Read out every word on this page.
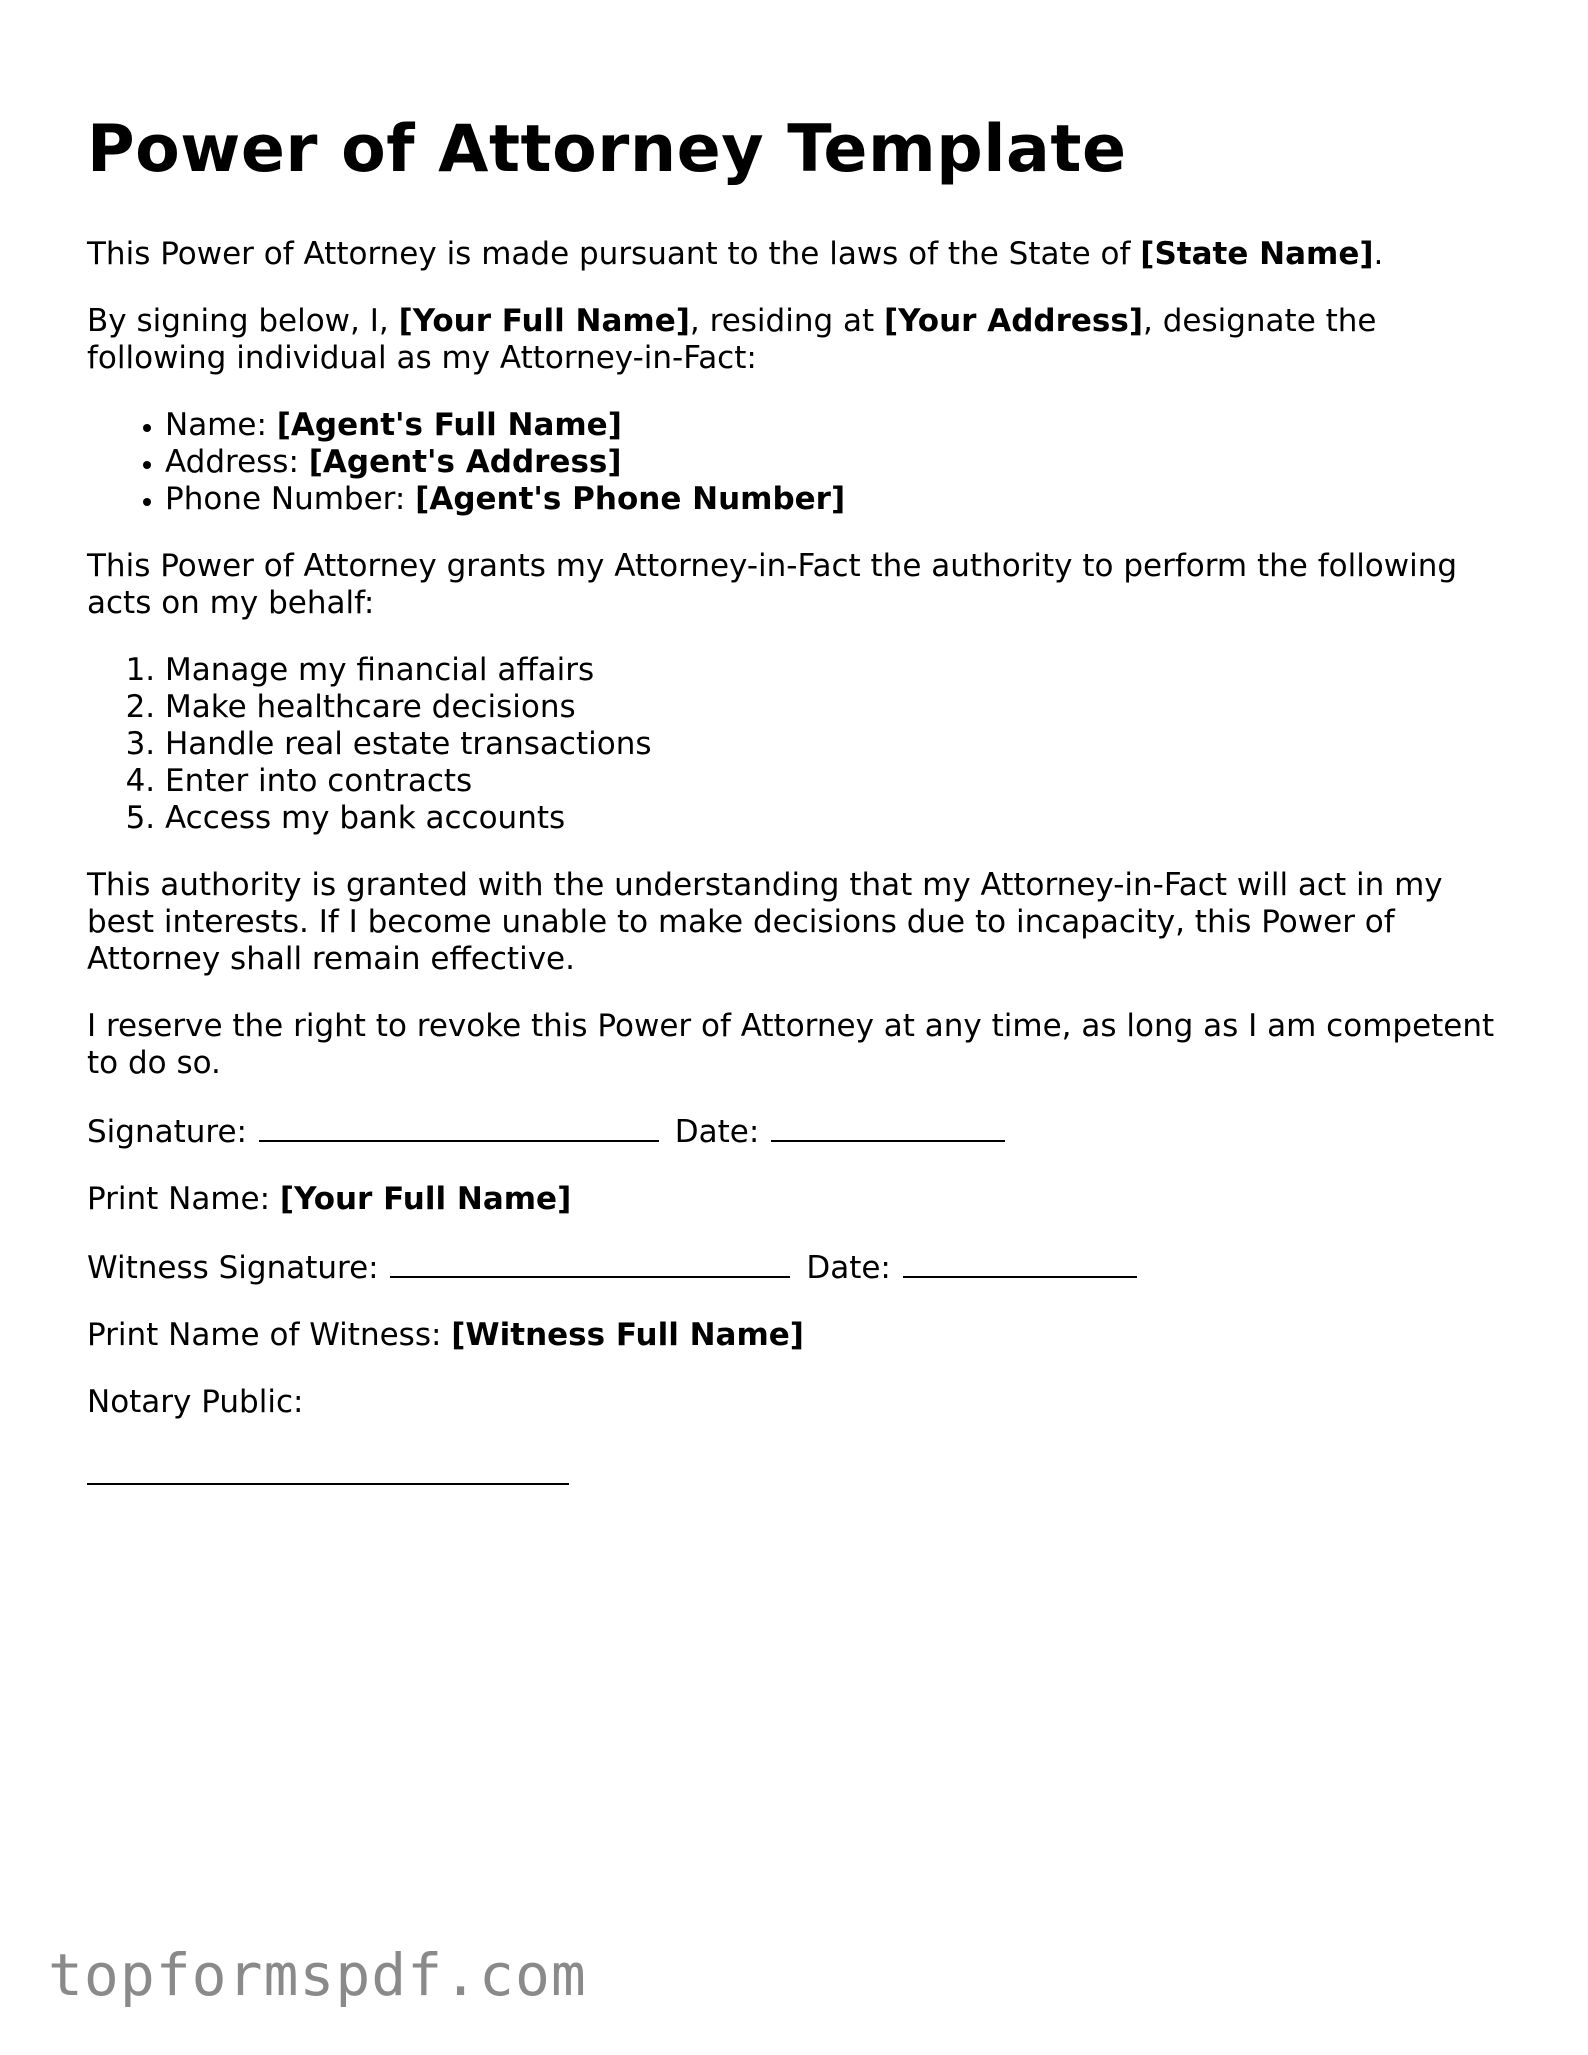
Power of Attorney Template

This Power of Attorney is made pursuant to the laws of the State of [State Name].

By signing below, I, [Your Full Name], residing at [Your Address], designate the following individual as my Attorney-in-Fact:

• Name: [Agent's Full Name]
• Address: [Agent's Address]
• Phone Number: [Agent's Phone Number]

This Power of Attorney grants my Attorney-in-Fact the authority to perform the following acts on my behalf:

1. Manage my financial affairs
2. Make healthcare decisions
3. Handle real estate transactions
4. Enter into contracts
5. Access my bank accounts

This authority is granted with the understanding that my Attorney-in-Fact will act in my best interests. If I become unable to make decisions due to incapacity, this Power of Attorney shall remain effective.

I reserve the right to revoke this Power of Attorney at any time, as long as I am competent to do so.

Signature:	Date:

Print Name: [Your Full Name]

Witness Signature:	Date:

Print Name of Witness: [Witness Full Name]

Notary Public:

topformspdf.com
